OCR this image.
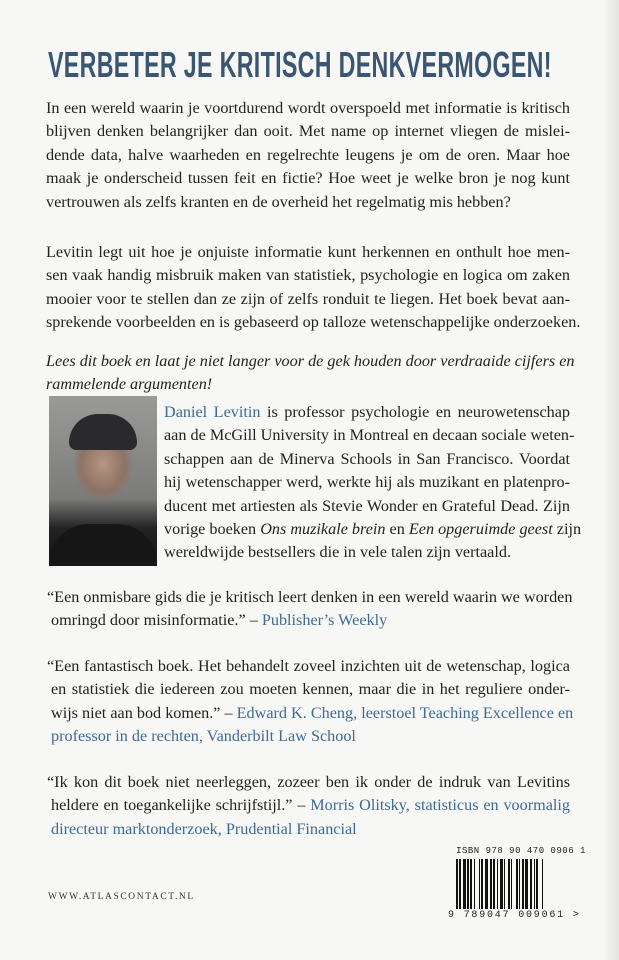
VERBETER JE KRITISCH DENKVERMOGEN!
In een wereld waarin je voortdurend wordt overspoeld met informatie is kritisch
blijven denken belangrijker dan ooit. Met name op internet vliegen de mislei-
dende data, halve waarheden en regelrechte leugens je om de oren. Maar hoe
maak je onderscheid tussen feit en fictie? Hoe weet je welke bron je nog kunt
vertrouwen als zelfs kranten en de overheid het regelmatig mis hebben?
Levitin legt uit hoe je onjuiste informatie kunt herkennen en onthult hoe men-
sen vaak handig misbruik maken van statistiek, psychologie en logica om zaken
mooier voor te stellen dan ze zijn of zelfs ronduit te liegen. Het boek bevat aan-
sprekende voorbeelden en is gebaseerd op talloze wetenschappelijke onderzoeken.
Lees dit boek en laat je niet langer voor de gek houden door verdraaide cijfers en
rammelende argumenten!
Daniel Levitin is professor psychologie en neurowetenschap
aan de McGill University in Montreal en decaan sociale weten-
schappen aan de Minerva Schools in San Francisco. Voordat
hij wetenschapper werd, werkte hij als muzikant en platenpro-
ducent met artiesten als Stevie Wonder en Grateful Dead. Zijn
vorige boeken Ons muzikale brein en Een opgeruimde geest zijn
wereldwijde bestsellers die in vele talen zijn vertaald.
“Een onmisbare gids die je kritisch leert denken in een wereld waarin we worden
omringd door misinformatie.” – Publisher’s Weekly
“Een fantastisch boek. Het behandelt zoveel inzichten uit de wetenschap, logica
en statistiek die iedereen zou moeten kennen, maar die in het reguliere onder-
wijs niet aan bod komen.” – Edward K. Cheng, leerstoel Teaching Excellence en
professor in de rechten, Vanderbilt Law School
“Ik kon dit boek niet neerleggen, zozeer ben ik onder de indruk van Levitins
heldere en toegankelijke schrijfstijl.” – Morris Olitsky, statisticus en voormalig
directeur marktonderzoek, Prudential Financial
ISBN 978 90 470 0906 1
9 789047 009061 >
WWW.ATLASCONTACT.NL
